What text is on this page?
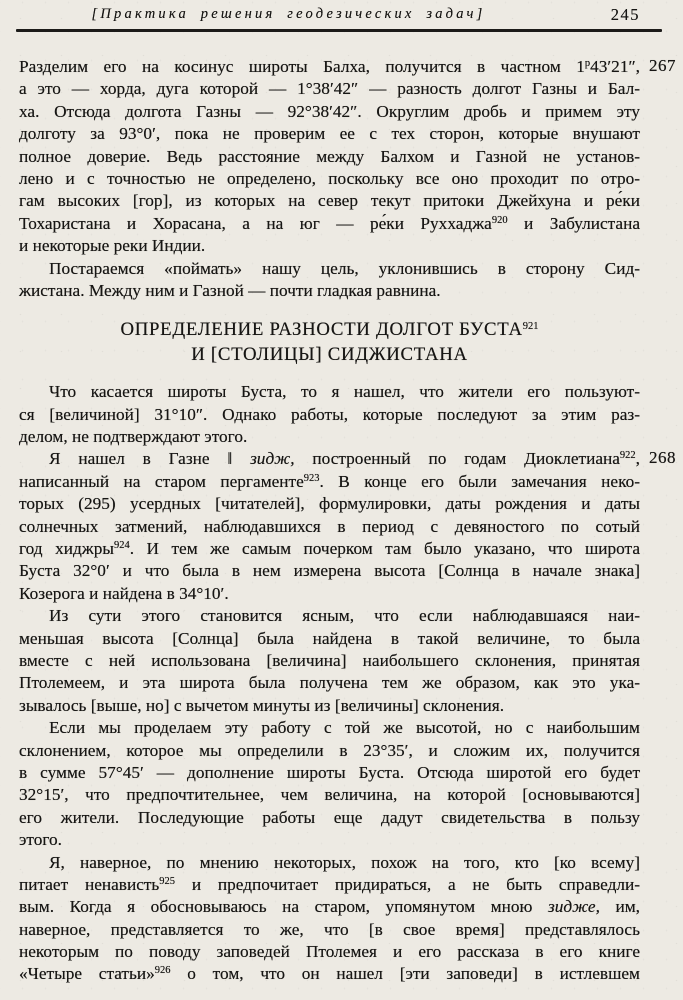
[Практика решения геодезических задач]	245
Разделим его на косинус широты Балха, получится в частном 1$^p$43′21″, 267
а это — хорда, дуга которой — 1°38′42″ — разность долгот Газны и Бал-
ха. Отсюда долгота Газны — 92°38′42″. Округлим дробь и примем эту
долготу за 93°0′, пока не проверим ее с тех сторон, которые внушают
полное доверие. Ведь расстояние между Балхом и Газной не установ-
лено и с точностью не определено, поскольку все оно проходит по отро-
гам высоких [гор], из которых на север текут притоки Джейхуна и ре́ки
Тохаристана и Хорасана, а на юг — ре́ки Руххаджа$^{920}$ и Забулистана
и некоторые реки Индии.
Постараемся «поймать» нашу цель, уклонившись в сторону Сид-
жистана. Между ним и Газной — почти гладкая равнина.
ОПРЕДЕЛЕНИЕ РАЗНОСТИ ДОЛГОТ БУСТА$^{921}$
И [СТОЛИЦЫ] СИДЖИСТАНА
Что касается широты Буста, то я нашел, что жители его пользуют-
ся [величиной] 31°10″. Однако работы, которые последуют за этим раз-
делом, не подтверждают этого.
Я нашел в Газне ‖ зидж, построенный по годам Диоклетиана$^{922}$, 268
написанный на старом пергаменте$^{923}$. В конце его были замечания неко-
торых (295) усердных [читателей], формулировки, даты рождения и даты
солнечных затмений, наблюдавшихся в период с девяностого по сотый
год хиджры$^{924}$. И тем же самым почерком там было указано, что широта
Буста 32°0′ и что была в нем измерена высота [Солнца в начале знака]
Козерога и найдена в 34°10′.
Из сути этого становится ясным, что если наблюдавшаяся наи-
меньшая высота [Солнца] была найдена в такой величине, то была
вместе с ней использована [величина] наибольшего склонения, принятая
Птолемеем, и эта широта была получена тем же образом, как это ука-
зывалось [выше, но] с вычетом минуты из [величины] склонения.
Если мы проделаем эту работу с той же высотой, но с наибольшим
склонением, которое мы определили в 23°35′, и сложим их, получится
в сумме 57°45′ — дополнение широты Буста. Отсюда широтой его будет
32°15′, что предпочтительнее, чем величина, на которой [основываются]
его жители. Последующие работы еще дадут свидетельства в пользу
этого.
Я, наверное, по мнению некоторых, похож на того, кто [ко всему]
питает ненависть$^{925}$ и предпочитает придираться, а не быть справедли-
вым. Когда я обосновываюсь на старом, упомянутом мною зидже, им,
наверное, представляется то же, что [в свое время] представлялось
некоторым по поводу заповедей Птолемея и его рассказа в его книге
«Четыре статьи»$^{926}$ о том, что он нашел [эти заповеди] в истлевшем
